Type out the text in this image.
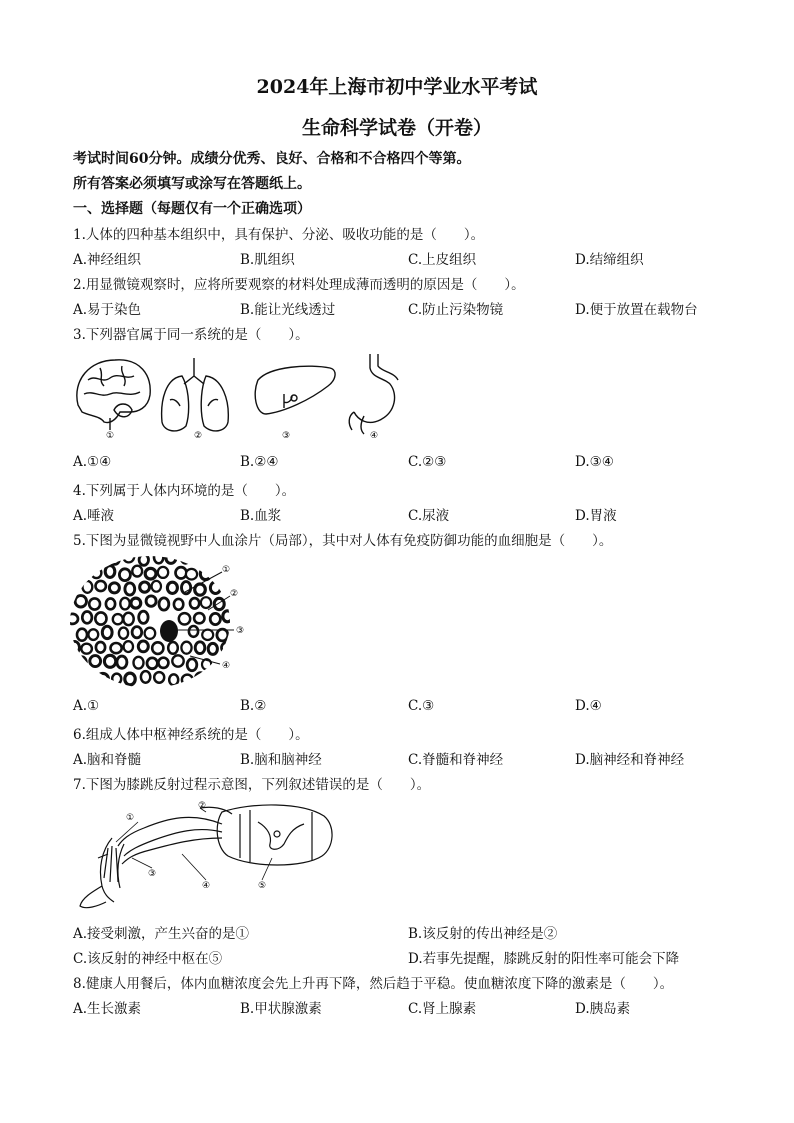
2024年上海市初中学业水平考试
生命科学试卷（开卷）
考试时间60分钟。成绩分优秀、良好、合格和不合格四个等第。
所有答案必须填写或涂写在答题纸上。
一、选择题（每题仅有一个正确选项）
1.人体的四种基本组织中，具有保护、分泌、吸收功能的是（　　）。
A.神经组织	B.肌组织	C.上皮组织	D.结缔组织
2.用显微镜观察时，应将所要观察的材料处理成薄而透明的原因是（　　）。
A.易于染色	B.能让光线透过	C.防止污染物镜	D.便于放置在载物台
3.下列器官属于同一系统的是（　　）。
①	②	③	④
A.①④	B.②④	C.②③	D.③④
4.下列属于人体内环境的是（　　）。
A.唾液	B.血浆	C.尿液	D.胃液
5.下图为显微镜视野中人血涂片（局部），其中对人体有免疫防御功能的血细胞是（　　）。
①
②
③
④
A.①	B.②	C.③	D.④
6.组成人体中枢神经系统的是（　　）。
A.脑和脊髓	B.脑和脑神经	C.脊髓和脊神经	D.脑神经和脊神经
7.下图为膝跳反射过程示意图，下列叙述错误的是（　　）。
①
②
③
④	⑤
A.接受刺激，产生兴奋的是①	B.该反射的传出神经是②
C.该反射的神经中枢在⑤	D.若事先提醒，膝跳反射的阳性率可能会下降
8.健康人用餐后，体内血糖浓度会先上升再下降，然后趋于平稳。使血糖浓度下降的激素是（　　）。
A.生长激素	B.甲状腺激素	C.肾上腺素	D.胰岛素
